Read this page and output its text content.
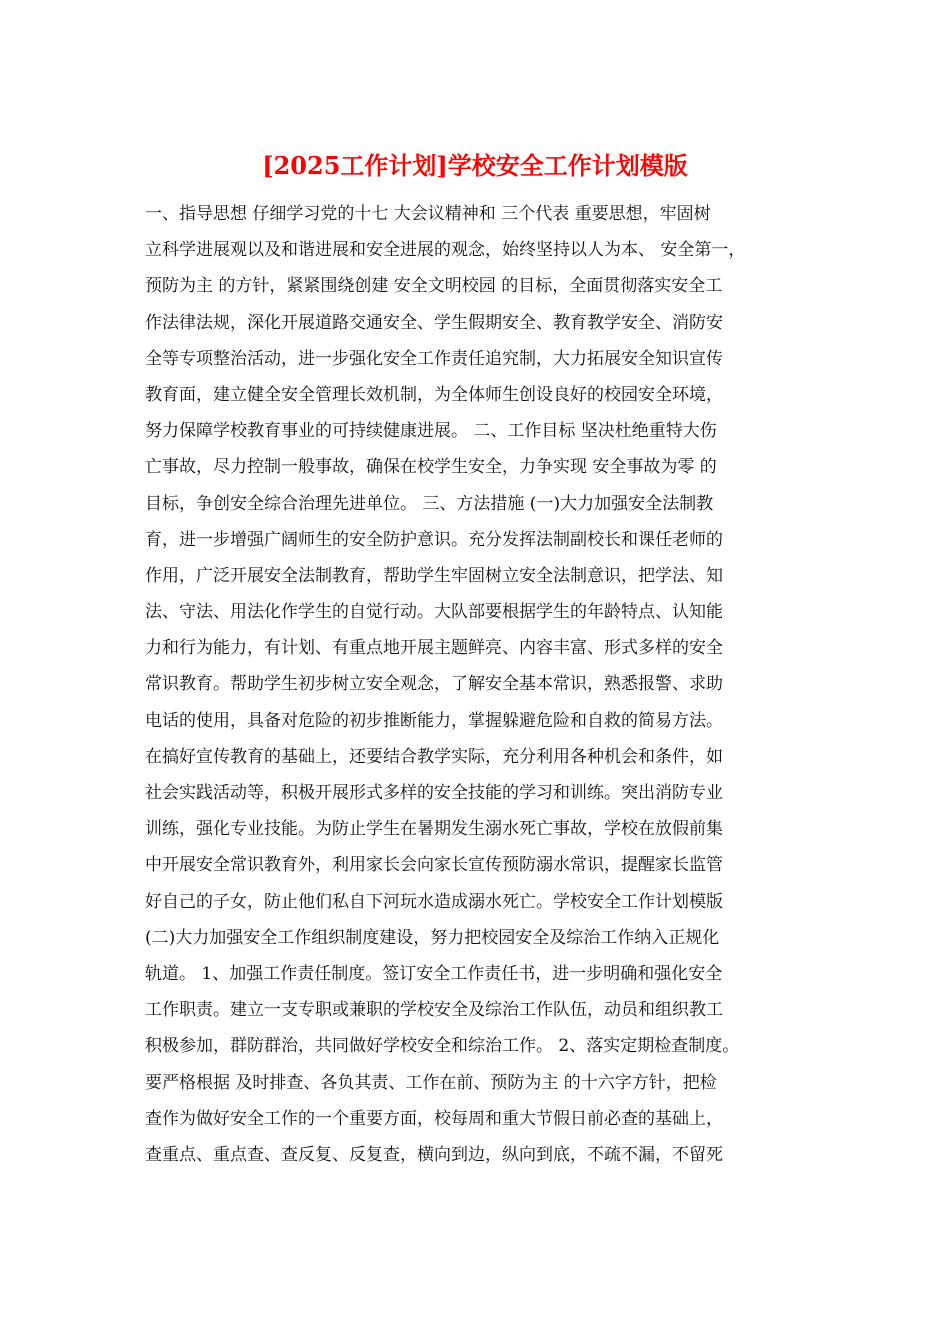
[2025工作计划]学校安全工作计划模版
一、指导思想 仔细学习党的十七 大会议精神和 三个代表 重要思想，牢固树
立科学进展观以及和谐进展和安全进展的观念，始终坚持以人为本、 安全第一，
预防为主 的方针，紧紧围绕创建 安全文明校园 的目标，全面贯彻落实安全工
作法律法规，深化开展道路交通安全、学生假期安全、教育教学安全、消防安
全等专项整治活动，进一步强化安全工作责任追究制，大力拓展安全知识宣传
教育面，建立健全安全管理长效机制，为全体师生创设良好的校园安全环境，
努力保障学校教育事业的可持续健康进展。 二、工作目标 坚决杜绝重特大伤
亡事故，尽力控制一般事故，确保在校学生安全，力争实现 安全事故为零 的
目标，争创安全综合治理先进单位。 三、方法措施 (一)大力加强安全法制教
育，进一步增强广阔师生的安全防护意识。充分发挥法制副校长和课任老师的
作用，广泛开展安全法制教育，帮助学生牢固树立安全法制意识，把学法、知
法、守法、用法化作学生的自觉行动。大队部要根据学生的年龄特点、认知能
力和行为能力，有计划、有重点地开展主题鲜亮、内容丰富、形式多样的安全
常识教育。帮助学生初步树立安全观念，了解安全基本常识，熟悉报警、求助
电话的使用，具备对危险的初步推断能力，掌握躲避危险和自救的简易方法。
在搞好宣传教育的基础上，还要结合教学实际，充分利用各种机会和条件，如
社会实践活动等，积极开展形式多样的安全技能的学习和训练。突出消防专业
训练，强化专业技能。为防止学生在暑期发生溺水死亡事故，学校在放假前集
中开展安全常识教育外，利用家长会向家长宣传预防溺水常识，提醒家长监管
好自己的子女，防止他们私自下河玩水造成溺水死亡。学校安全工作计划模版
(二)大力加强安全工作组织制度建设，努力把校园安全及综治工作纳入正规化
轨道。 1、加强工作责任制度。签订安全工作责任书，进一步明确和强化安全
工作职责。建立一支专职或兼职的学校安全及综治工作队伍，动员和组织教工
积极参加，群防群治，共同做好学校安全和综治工作。 2、落实定期检查制度。
要严格根据 及时排查、各负其责、工作在前、预防为主 的十六字方针，把检
查作为做好安全工作的一个重要方面，校每周和重大节假日前必查的基础上，
查重点、重点查、查反复、反复查，横向到边，纵向到底，不疏不漏，不留死
